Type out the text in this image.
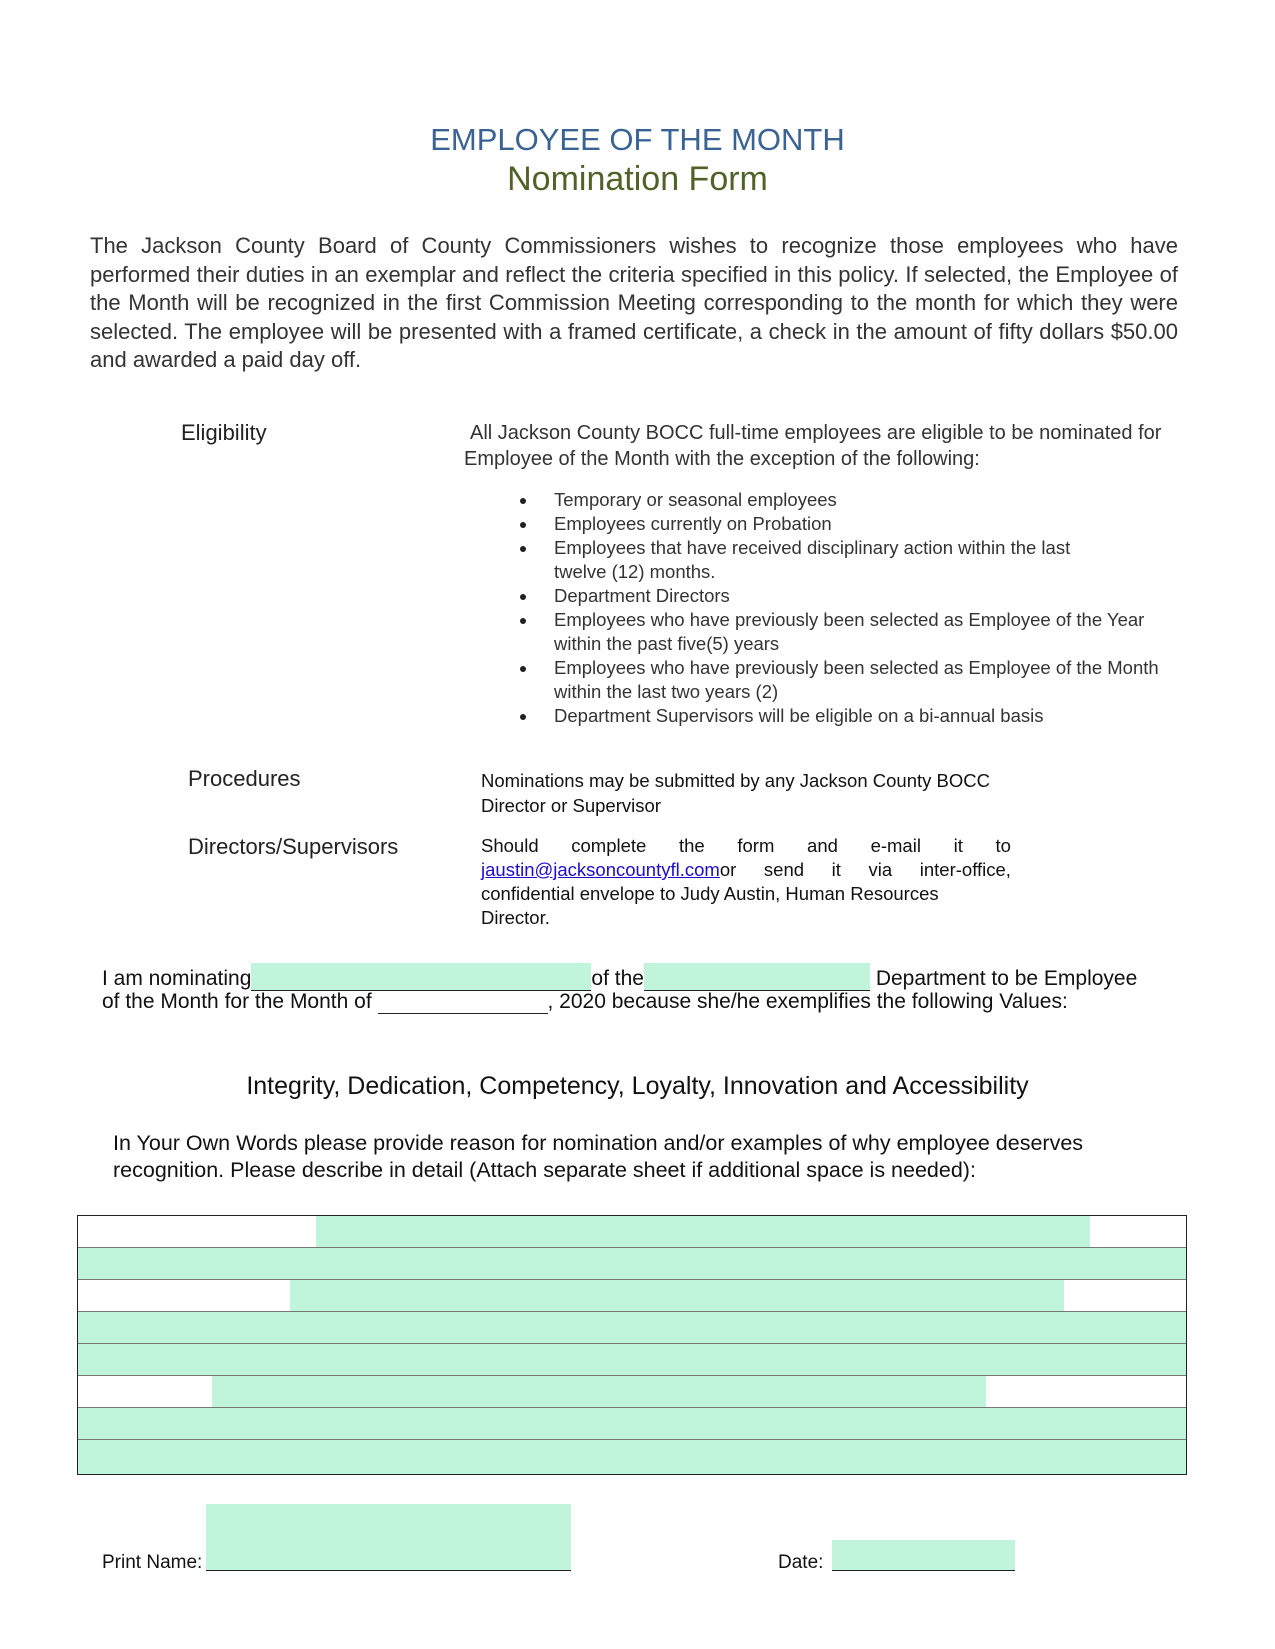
EMPLOYEE OF THE MONTH
Nomination Form
The Jackson County Board of County Commissioners wishes to recognize those employees who have performed their duties in an exemplar and reflect the criteria specified in this policy. If selected, the Employee of the Month will be recognized in the first Commission Meeting corresponding to the month for which they were selected. The employee will be presented with a framed certificate, a check in the amount of fifty dollars $50.00 and awarded a paid day off.
Eligibility	All Jackson County BOCC full-time employees are eligible to be nominated for Employee of the Month with the exception of the following:
Temporary or seasonal employees
Employees currently on Probation
Employees that have received disciplinary action within the last twelve (12) months.
Department Directors
Employees who have previously been selected as Employee of the Year within the past five(5) years
Employees who have previously been selected as Employee of the Month within the last two years (2)
Department Supervisors will be eligible on a bi-annual basis
Procedures	Nominations may be submitted by any Jackson County BOCC Director or Supervisor
Directors/Supervisors	Should complete the form and e-mail it to
jaustin@jacksoncountyfl.comor send it via inter-office,
confidential envelope to Judy Austin, Human Resources Director.
I am nominating	of the	Department to be Employee
of the Month for the Month of	, 2020 because she/he exemplifies the following Values:
Integrity, Dedication, Competency, Loyalty, Innovation and Accessibility
In Your Own Words please provide reason for nomination and/or examples of why employee deserves recognition. Please describe in detail (Attach separate sheet if additional space is needed):
Print Name:	Date:
